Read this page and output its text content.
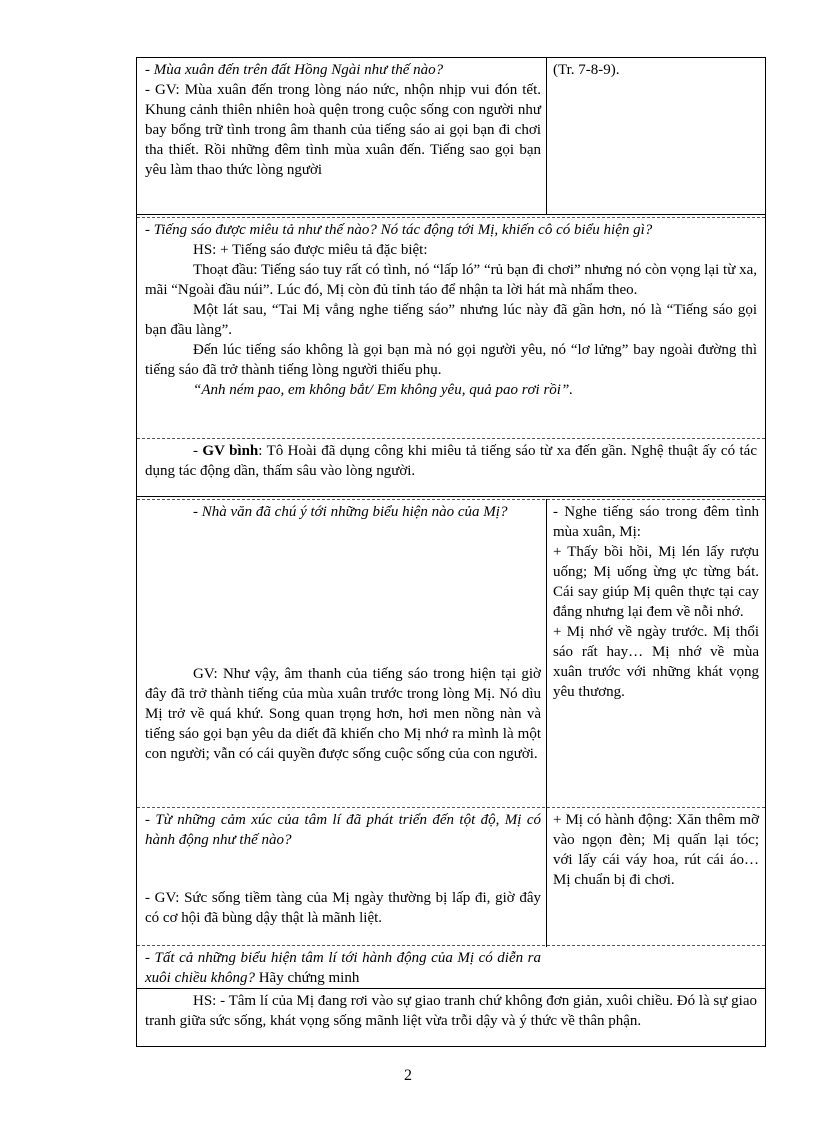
- Mùa xuân đến trên đất Hồng Ngài như thế nào?

- GV: Mùa xuân đến trong lòng náo nức, nhộn nhịp vui đón tết. Khung cảnh thiên nhiên hoà quện trong cuộc sống con người như bay bổng trữ tình trong âm thanh của tiếng sáo ai gọi bạn đi chơi tha thiết. Rồi những đêm tình mùa xuân đến. Tiếng sao gọi bạn yêu làm thao thức lòng người

(Tr. 7-8-9).

- Tiếng sáo được miêu tả như thế nào? Nó tác động tới Mị, khiến cô có biểu hiện gì?

HS: + Tiếng sáo được miêu tả đặc biệt:

Thoạt đầu: Tiếng sáo tuy rất có tình, nó “lấp ló” “rủ bạn đi chơi” nhưng nó còn vọng lại từ xa, mãi “Ngoài đầu núi”. Lúc đó, Mị còn đủ tỉnh táo để nhận ta lời hát mà nhẩm theo.

Một lát sau, “Tai Mị vẳng nghe tiếng sáo” nhưng lúc này đã gần hơn, nó là “Tiếng sáo gọi bạn đầu làng”.

Đến lúc tiếng sáo không là gọi bạn mà nó gọi người yêu, nó “lơ lửng” bay ngoài đường thì tiếng sáo đã trở thành tiếng lòng người thiếu phụ.

“Anh ném pao, em không bắt/ Em không yêu, quả pao rơi rồi”.

- GV bình: Tô Hoài đã dụng công khi miêu tả tiếng sáo từ xa đến gần. Nghệ thuật ấy có tác dụng tác động dần, thấm sâu vào lòng người.

- Nhà văn đã chú ý tới những biểu hiện nào của Mị?

GV: Như vậy, âm thanh của tiếng sáo trong hiện tại giờ đây đã trở thành tiếng của mùa xuân trước trong lòng Mị. Nó dìu Mị trở về quá khứ. Song quan trọng hơn, hơi men nồng nàn và tiếng sáo gọi bạn yêu da diết đã khiến cho Mị nhớ ra mình là một con người; vẫn có cái quyền được sống cuộc sống của con người.

- Nghe tiếng sáo trong đêm tình mùa xuân, Mị:

+ Thấy bồi hồi, Mị lén lấy rượu uống; Mị uống ừng ực từng bát. Cái say giúp Mị quên thực tại cay đắng nhưng lại đem về nỗi nhớ.

+ Mị nhớ về ngày trước. Mị thổi sáo rất hay… Mị nhớ về mùa xuân trước với những khát vọng yêu thương.

- Từ những cảm xúc của tâm lí đã phát triển đến tột độ, Mị có hành động như thế nào?

- GV: Sức sống tiềm tàng của Mị ngày thường bị lấp đi, giờ đây có cơ hội đã bùng dậy thật là mãnh liệt.

+ Mị có hành động: Xăn thêm mỡ vào ngọn đèn; Mị quấn lại tóc; với lấy cái váy hoa, rút cái áo… Mị chuẩn bị đi chơi.

- Tất cả những biểu hiện tâm lí tới hành động của Mị có diễn ra xuôi chiều không? Hãy chứng minh

HS: - Tâm lí của Mị đang rơi vào sự giao tranh chứ không đơn giản, xuôi chiều. Đó là sự giao tranh giữa sức sống, khát vọng sống mãnh liệt vừa trỗi dậy và ý thức về thân phận.

2
